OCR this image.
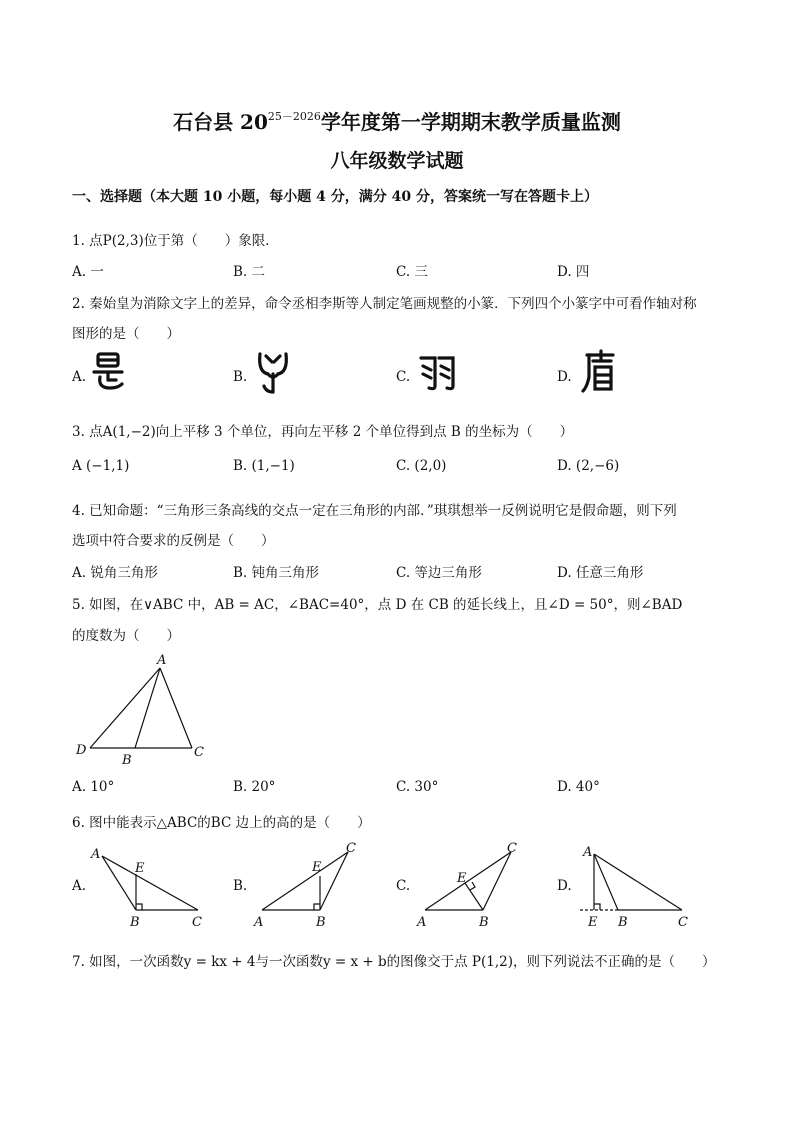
石台县 $20^{25-2026}$学年度第一学期期末教学质量监测
八年级数学试题
一、选择题（本大题 10 小题，每小题 4 分，满分 40 分，答案统一写在答题卡上）
1. 点P(2,3)位于第（　　）象限．
A. 一	B. 二	C. 三	D. 四
2. 秦始皇为消除文字上的差异，命令丞相李斯等人制定笔画规整的小篆．下列四个小篆字中可看作轴对称
图形的是（　　）
A.	B.	C.	D.
3. 点A(1,−2)向上平移 3 个单位，再向左平移 2 个单位得到点 B 的坐标为（　　）
A (−1,1)	B. (1,−1)	C. (2,0)	D. (2,−6)
4. 已知命题：“三角形三条高线的交点一定在三角形的内部．”琪琪想举一反例说明它是假命题，则下列
选项中符合要求的反例是（　　）
A. 锐角三角形	B. 钝角三角形	C. 等边三角形	D. 任意三角形
5. 如图，在∨ABC 中，AB = AC，∠BAC=40°，点 D 在 CB 的延长线上，且∠D = 50°，则∠BAD
的度数为（　　）
A
D
B
C
A. 10°	B. 20°	C. 30°	D. 40°
6. 图中能表示△ABC的BC 边上的高的是（　　）
A.	B.	C.	D.
A
E
B	C
C
E
A	B
C
E
A	B
A
E B	C
7. 如图，一次函数y = kx + 4与一次函数y = x + b的图像交于点 P(1,2)，则下列说法不正确的是（　　）
